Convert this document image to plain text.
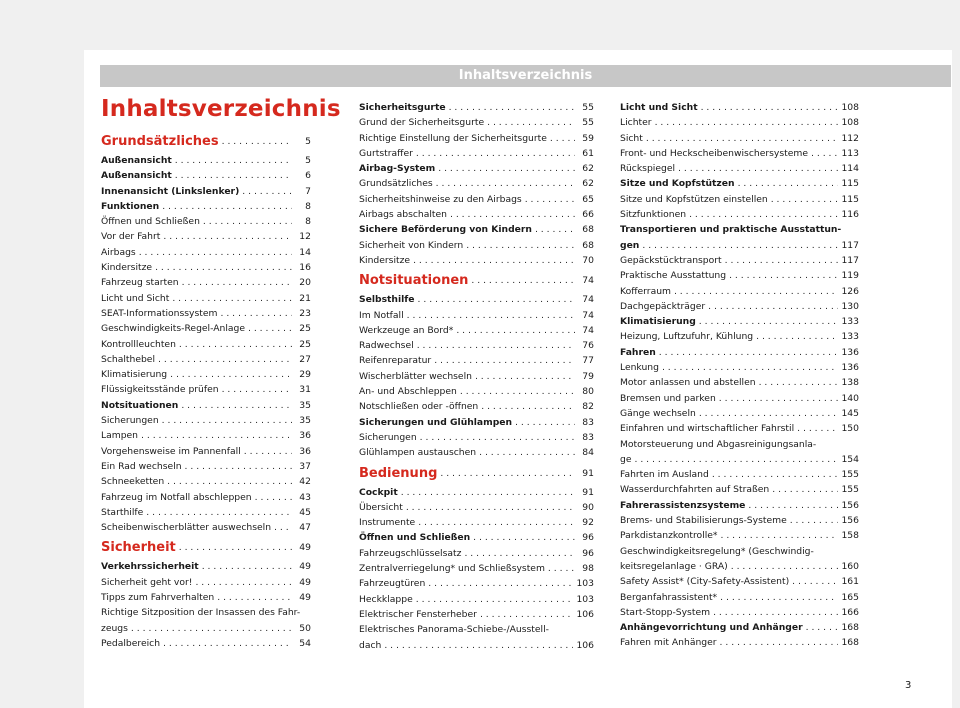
Inhaltsverzeichnis
Inhaltsverzeichnis
Grundsätzliches . . .	5
Außenansicht . . .	5
Außenansicht . . .	6
Innenansicht (Linkslenker) . . .	7
Funktionen . . .	8
Öffnen und Schließen . . .	8
Vor der Fahrt . . .	12
Airbags . . .	14
Kindersitze . . .	16
Fahrzeug starten . . .	20
Licht und Sicht . . .	21
SEAT-Informationssystem . . .	23
Geschwindigkeits-Regel-Anlage . . .	25
Kontrollleuchten . . .	25
Schalthebel . . .	27
Klimatisierung . . .	29
Flüssigkeitsstände prüfen . . .	31
Notsituationen . . .	35
Sicherungen . . .	35
Lampen . . .	36
Vorgehensweise im Pannenfall . . .	36
Ein Rad wechseln . . .	37
Schneeketten . . .	42
Fahrzeug im Notfall abschleppen . . .	43
Starthilfe . . .	45
Scheibenwischerblätter auswechseln . . .	47
Sicherheit . . .	49
Verkehrssicherheit . . .	49
Sicherheit geht vor! . . .	49
Tipps zum Fahrverhalten . . .	49
Richtige Sitzposition der Insassen des Fahr-
zeugs . . .	50
Pedalbereich . . .	54
Sicherheitsgurte . . .	55
Grund der Sicherheitsgurte . . .	55
Richtige Einstellung der Sicherheitsgurte . . .	59
Gurtstraffer . . .	61
Airbag-System . . .	62
Grundsätzliches . . .	62
Sicherheitshinweise zu den Airbags . . .	65
Airbags abschalten . . .	66
Sichere Beförderung von Kindern . . .	68
Sicherheit von Kindern . . .	68
Kindersitze . . .	70
Notsituationen . . .	74
Selbsthilfe . . .	74
Im Notfall . . .	74
Werkzeuge an Bord* . . .	74
Radwechsel . . .	76
Reifenreparatur . . .	77
Wischerblätter wechseln . . .	79
An- und Abschleppen . . .	80
Notschließen oder -öffnen . . .	82
Sicherungen und Glühlampen . . .	83
Sicherungen . . .	83
Glühlampen austauschen . . .	84
Bedienung . . .	91
Cockpit . . .	91
Übersicht . . .	90
Instrumente . . .	92
Öffnen und Schließen . . .	96
Fahrzeugschlüsselsatz . . .	96
Zentralverriegelung* und Schließsystem . . .	98
Fahrzeugtüren . . .	103
Heckklappe . . .	103
Elektrischer Fensterheber . . .	106
Elektrisches Panorama-Schiebe-/Ausstell-
dach . . .	106
Licht und Sicht . . .	108
Lichter . . .	108
Sicht . . .	112
Front- und Heckscheibenwischersysteme . . .	113
Rückspiegel . . .	114
Sitze und Kopfstützen . . .	115
Sitze und Kopfstützen einstellen . . .	115
Sitzfunktionen . . .	116
Transportieren und praktische Ausstattun-
gen . . .	117
Gepäckstücktransport . . .	117
Praktische Ausstattung . . .	119
Kofferraum . . .	126
Dachgepäckträger . . .	130
Klimatisierung . . .	133
Heizung, Luftzufuhr, Kühlung . . .	133
Fahren . . .	136
Lenkung . . .	136
Motor anlassen und abstellen . . .	138
Bremsen und parken . . .	140
Gänge wechseln . . .	145
Einfahren und wirtschaftlicher Fahrstil . . .	150
Motorsteuerung und Abgasreinigungsanla-
ge . . .	154
Fahrten im Ausland . . .	155
Wasserdurchfahrten auf Straßen . . .	155
Fahrerassistenzsysteme . . .	156
Brems- und Stabilisierungs-Systeme . . .	156
Parkdistanzkontrolle* . . .	158
Geschwindigkeitsregelung* (Geschwindig-
keitsregelanlage · GRA) . . .	160
Safety Assist* (City-Safety-Assistent) . . .	161
Berganfahrassistent* . . .	165
Start-Stopp-System . . .	166
Anhängevorrichtung und Anhänger . . .	168
Fahren mit Anhänger . . .	168
3
